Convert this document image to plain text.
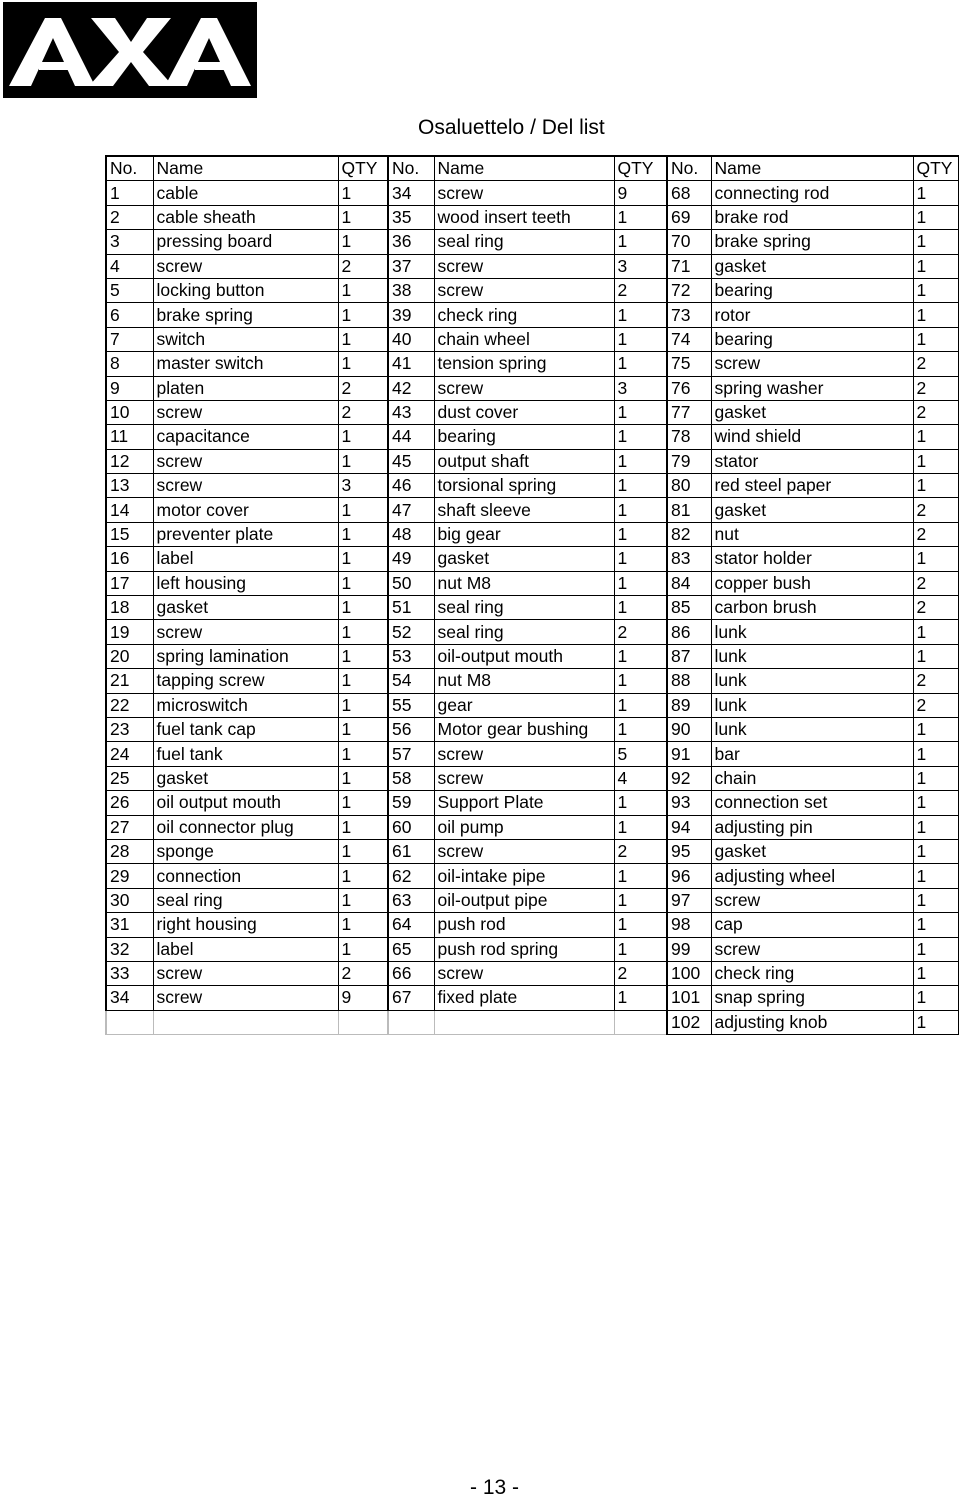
Osaluettelo / Del list
No.	Name	QTY	No.	Name	QTY	No.	Name	QTY
1	cable	1	34	screw	9	68	connecting rod	1
2	cable sheath	1	35	wood insert teeth	1	69	brake rod	1
3	pressing board	1	36	seal ring	1	70	brake spring	1
4	screw	2	37	screw	3	71	gasket	1
5	locking button	1	38	screw	2	72	bearing	1
6	brake spring	1	39	check ring	1	73	rotor	1
7	switch	1	40	chain wheel	1	74	bearing	1
8	master switch	1	41	tension spring	1	75	screw	2
9	platen	2	42	screw	3	76	spring washer	2
10	screw	2	43	dust cover	1	77	gasket	2
11	capacitance	1	44	bearing	1	78	wind shield	1
12	screw	1	45	output shaft	1	79	stator	1
13	screw	3	46	torsional spring	1	80	red steel paper	1
14	motor cover	1	47	shaft sleeve	1	81	gasket	2
15	preventer plate	1	48	big gear	1	82	nut	2
16	label	1	49	gasket	1	83	stator holder	1
17	left housing	1	50	nut M8	1	84	copper bush	2
18	gasket	1	51	seal ring	1	85	carbon brush	2
19	screw	1	52	seal ring	2	86	lunk	1
20	spring lamination	1	53	oil-output mouth	1	87	lunk	1
21	tapping screw	1	54	nut M8	1	88	lunk	2
22	microswitch	1	55	gear	1	89	lunk	2
23	fuel tank cap	1	56	Motor gear bushing	1	90	lunk	1
24	fuel tank	1	57	screw	5	91	bar	1
25	gasket	1	58	screw	4	92	chain	1
26	oil output mouth	1	59	Support Plate	1	93	connection set	1
27	oil connector plug	1	60	oil pump	1	94	adjusting pin	1
28	sponge	1	61	screw	2	95	gasket	1
29	connection	1	62	oil-intake pipe	1	96	adjusting wheel	1
30	seal ring	1	63	oil-output pipe	1	97	screw	1
31	right housing	1	64	push rod	1	98	cap	1
32	label	1	65	push rod spring	1	99	screw	1
33	screw	2	66	screw	2	100	check ring	1
34	screw	9	67	fixed plate	1	101	snap spring	1
						102	adjusting knob	1
- 13 -
